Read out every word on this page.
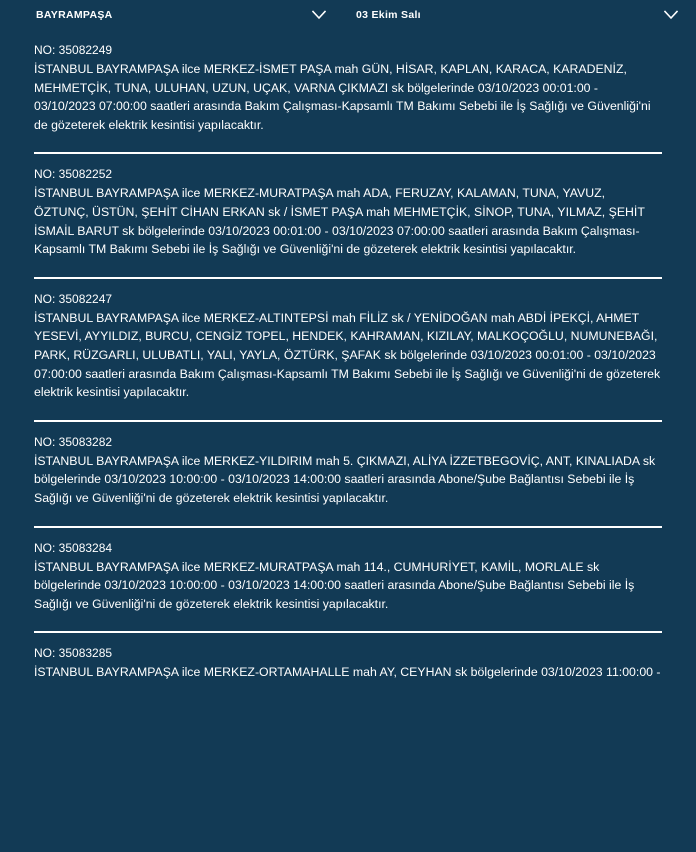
BAYRAMPAŞA	03 Ekim Salı
NO: 35082249
İSTANBUL BAYRAMPAŞA ilce MERKEZ-İSMET PAŞA mah GÜN, HİSAR, KAPLAN, KARACA, KARADENİZ, MEHMETÇİK, TUNA, ULUHAN, UZUN, UÇAK, VARNA ÇIKMAZI sk bölgelerinde 03/10/2023 00:01:00 - 03/10/2023 07:00:00 saatleri arasında Bakım Çalışması-Kapsamlı TM Bakımı Sebebi ile İş Sağlığı ve Güvenliği'ni de gözeterek elektrik kesintisi yapılacaktır.
NO: 35082252
İSTANBUL BAYRAMPAŞA ilce MERKEZ-MURATPAŞA mah ADA, FERUZAY, KALAMAN, TUNA, YAVUZ, ÖZTUNÇ, ÜSTÜN, ŞEHİT CİHAN ERKAN sk / İSMET PAŞA mah MEHMETÇİK, SİNOP, TUNA, YILMAZ, ŞEHİT İSMAİL BARUT sk bölgelerinde 03/10/2023 00:01:00 - 03/10/2023 07:00:00 saatleri arasında Bakım Çalışması-Kapsamlı TM Bakımı Sebebi ile İş Sağlığı ve Güvenliği'ni de gözeterek elektrik kesintisi yapılacaktır.
NO: 35082247
İSTANBUL BAYRAMPAŞA ilce MERKEZ-ALTINTEPSİ mah FİLİZ sk / YENİDOĞAN mah ABDİ İPEKÇİ, AHMET YESEVİ, AYYILDIZ, BURCU, CENGİZ TOPEL, HENDEK, KAHRAMAN, KIZILAY, MALKOÇOĞLU, NUMUNEBAĞI, PARK, RÜZGARLI, ULUBATLI, YALI, YAYLA, ÖZTÜRK, ŞAFAK sk bölgelerinde 03/10/2023 00:01:00 - 03/10/2023 07:00:00 saatleri arasında Bakım Çalışması-Kapsamlı TM Bakımı Sebebi ile İş Sağlığı ve Güvenliği'ni de gözeterek elektrik kesintisi yapılacaktır.
NO: 35083282
İSTANBUL BAYRAMPAŞA ilce MERKEZ-YILDIRIM mah 5. ÇIKMAZI, ALİYA İZZETBEGOVİÇ, ANT, KINALIADA sk bölgelerinde 03/10/2023 10:00:00 - 03/10/2023 14:00:00 saatleri arasında Abone/Şube Bağlantısı Sebebi ile İş Sağlığı ve Güvenliği'ni de gözeterek elektrik kesintisi yapılacaktır.
NO: 35083284
İSTANBUL BAYRAMPAŞA ilce MERKEZ-MURATPAŞA mah 114., CUMHURİYET, KAMİL, MORLALE sk bölgelerinde 03/10/2023 10:00:00 - 03/10/2023 14:00:00 saatleri arasında Abone/Şube Bağlantısı Sebebi ile İş Sağlığı ve Güvenliği'ni de gözeterek elektrik kesintisi yapılacaktır.
NO: 35083285
İSTANBUL BAYRAMPAŞA ilce MERKEZ-ORTAMAHALLE mah AY, CEYHAN sk bölgelerinde 03/10/2023 11:00:00 -
